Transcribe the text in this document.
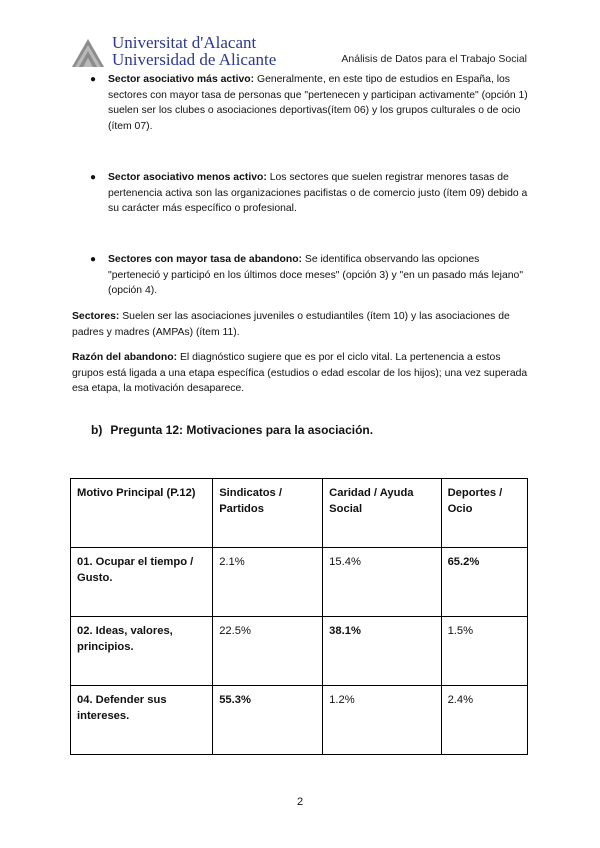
Universitat d'Alacant
Universidad de Alicante	Análisis de Datos para el Trabajo Social
● Sector asociativo más activo: Generalmente, en este tipo de estudios en España, los sectores con mayor tasa de personas que "pertenecen y participan activamente" (opción 1) suelen ser los clubes o asociaciones deportivas(ítem 06) y los grupos culturales o de ocio (ítem 07).
● Sector asociativo menos activo: Los sectores que suelen registrar menores tasas de pertenencia activa son las organizaciones pacifistas o de comercio justo (ítem 09) debido a su carácter más específico o profesional.
● Sectores con mayor tasa de abandono: Se identifica observando las opciones "perteneció y participó en los últimos doce meses" (opción 3) y "en un pasado más lejano" (opción 4).
Sectores: Suelen ser las asociaciones juveniles o estudiantiles (ítem 10) y las asociaciones de padres y madres (AMPAs) (ítem 11).
Razón del abandono: El diagnóstico sugiere que es por el ciclo vital. La pertenencia a estos grupos está ligada a una etapa específica (estudios o edad escolar de los hijos); una vez superada esa etapa, la motivación desaparece.
b) Pregunta 12: Motivaciones para la asociación.
Motivo Principal (P.12)	Sindicatos / Partidos	Caridad / Ayuda Social	Deportes / Ocio
01. Ocupar el tiempo / Gusto.	2.1%	15.4%	65.2%
02. Ideas, valores, principios.	22.5%	38.1%	1.5%
04. Defender sus intereses.	55.3%	1.2%	2.4%
2
